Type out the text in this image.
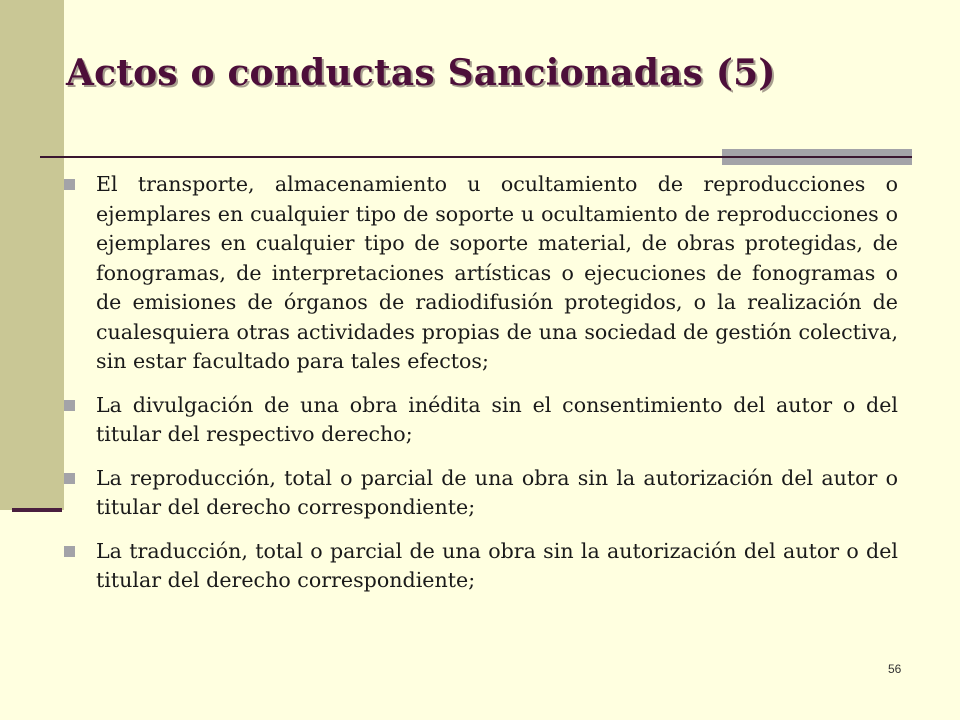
Actos o conductas Sancionadas (5)
El transporte, almacenamiento u ocultamiento de reproducciones o ejemplares en cualquier tipo de soporte u ocultamiento de reproducciones o ejemplares en cualquier tipo de soporte material, de obras protegidas, de fonogramas, de interpretaciones artísticas o ejecuciones de fonogramas o de emisiones de órganos de radiodifusión protegidos, o la realización de cualesquiera otras actividades propias de una sociedad de gestión colectiva, sin estar facultado para tales efectos;
La divulgación de una obra inédita sin el consentimiento del autor o del titular del respectivo derecho;
La reproducción, total o parcial de una obra sin la autorización del autor o titular del derecho correspondiente;
La traducción, total o parcial de una obra sin la autorización del autor o del titular del derecho correspondiente;
56
